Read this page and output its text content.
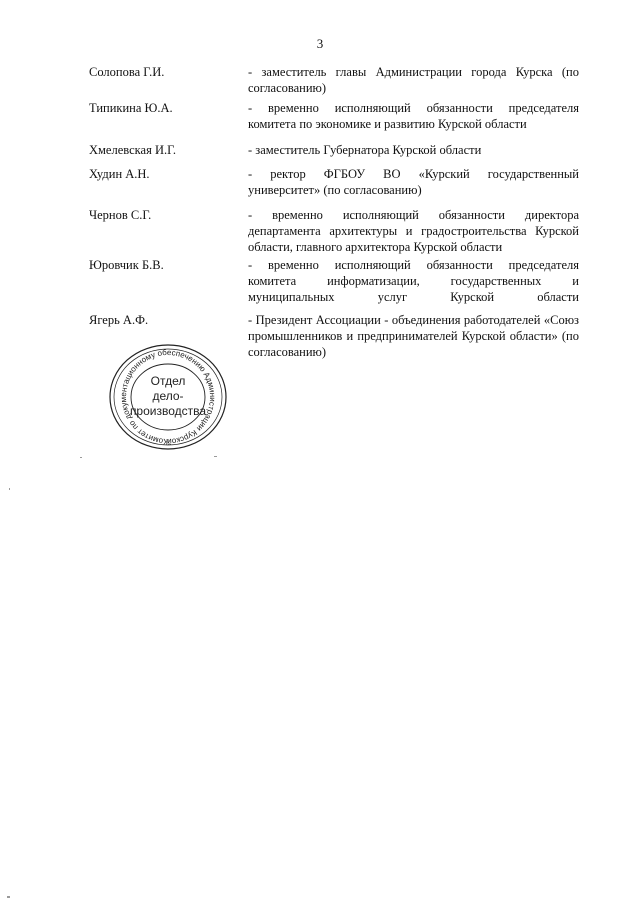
3
Солопова Г.И.	- заместитель главы Администрации города Курска (по согласованию)
Типикина Ю.А.	- временно исполняющий обязанности председателя комитета по экономике и развитию Курской области
Хмелевская И.Г.	- заместитель Губернатора Курской области
Худин А.Н.	- ректор ФГБОУ ВО «Курский государственный университет» (по согласованию)
Чернов С.Г.	- временно исполняющий обязанности директора департамента архитектуры и градостроительства Курской области, главного архитектора Курской области
Юровчик Б.В.	- временно исполняющий обязанности председателя комитета информатизации, государственных и муниципальных услуг Курской области
Ягерь А.Ф.	- Президент Ассоциации - объединения работодателей «Союз промышленников и предпринимателей Курской области» (по согласованию)
Комитет по документационному обеспечению Администрации Курской
Отдел
дело-
производства
